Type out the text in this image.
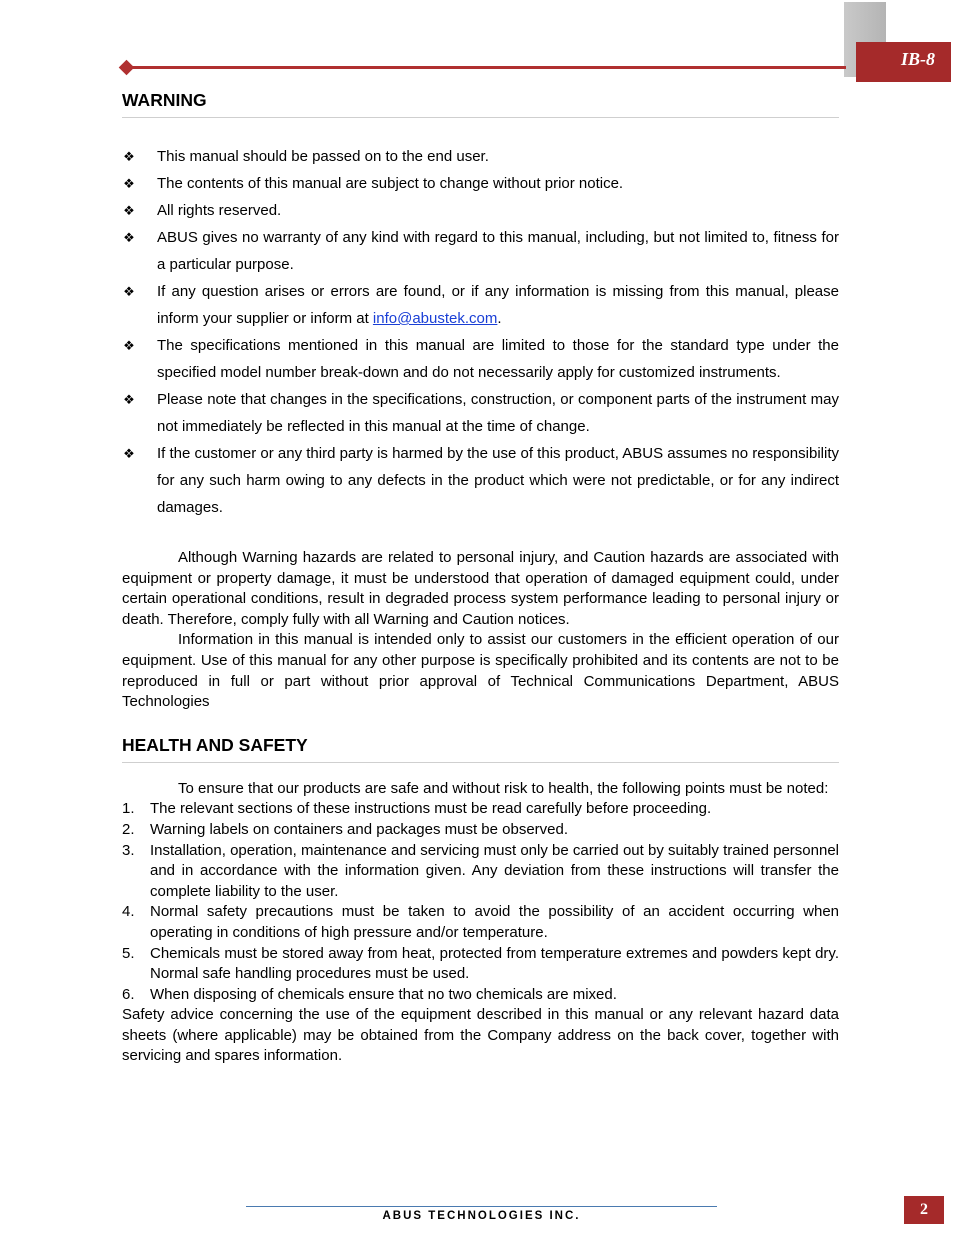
IB-8
WARNING
❖ This manual should be passed on to the end user.
❖ The contents of this manual are subject to change without prior notice.
❖ All rights reserved.
❖ ABUS gives no warranty of any kind with regard to this manual, including, but not limited to, fitness for a particular purpose.
❖ If any question arises or errors are found, or if any information is missing from this manual, please inform your supplier or inform at info@abustek.com.
❖ The specifications mentioned in this manual are limited to those for the standard type under the specified model number break-down and do not necessarily apply for customized instruments.
❖ Please note that changes in the specifications, construction, or component parts of the instrument may not immediately be reflected in this manual at the time of change.
❖ If the customer or any third party is harmed by the use of this product, ABUS assumes no responsibility for any such harm owing to any defects in the product which were not predictable, or for any indirect damages.

Although Warning hazards are related to personal injury, and Caution hazards are associated with equipment or property damage, it must be understood that operation of damaged equipment could, under certain operational conditions, result in degraded process system performance leading to personal injury or death. Therefore, comply fully with all Warning and Caution notices.

Information in this manual is intended only to assist our customers in the efficient operation of our equipment. Use of this manual for any other purpose is specifically prohibited and its contents are not to be reproduced in full or part without prior approval of Technical Communications Department, ABUS Technologies

HEALTH AND SAFETY

To ensure that our products are safe and without risk to health, the following points must be noted:

1. The relevant sections of these instructions must be read carefully before proceeding.
2. Warning labels on containers and packages must be observed.
3. Installation, operation, maintenance and servicing must only be carried out by suitably trained personnel and in accordance with the information given. Any deviation from these instructions will transfer the complete liability to the user.
4. Normal safety precautions must be taken to avoid the possibility of an accident occurring when operating in conditions of high pressure and/or temperature.
5. Chemicals must be stored away from heat, protected from temperature extremes and powders kept dry. Normal safe handling procedures must be used.
6. When disposing of chemicals ensure that no two chemicals are mixed.

Safety advice concerning the use of the equipment described in this manual or any relevant hazard data sheets (where applicable) may be obtained from the Company address on the back cover, together with servicing and spares information.

ABUS TECHNOLOGIES INC.	2
